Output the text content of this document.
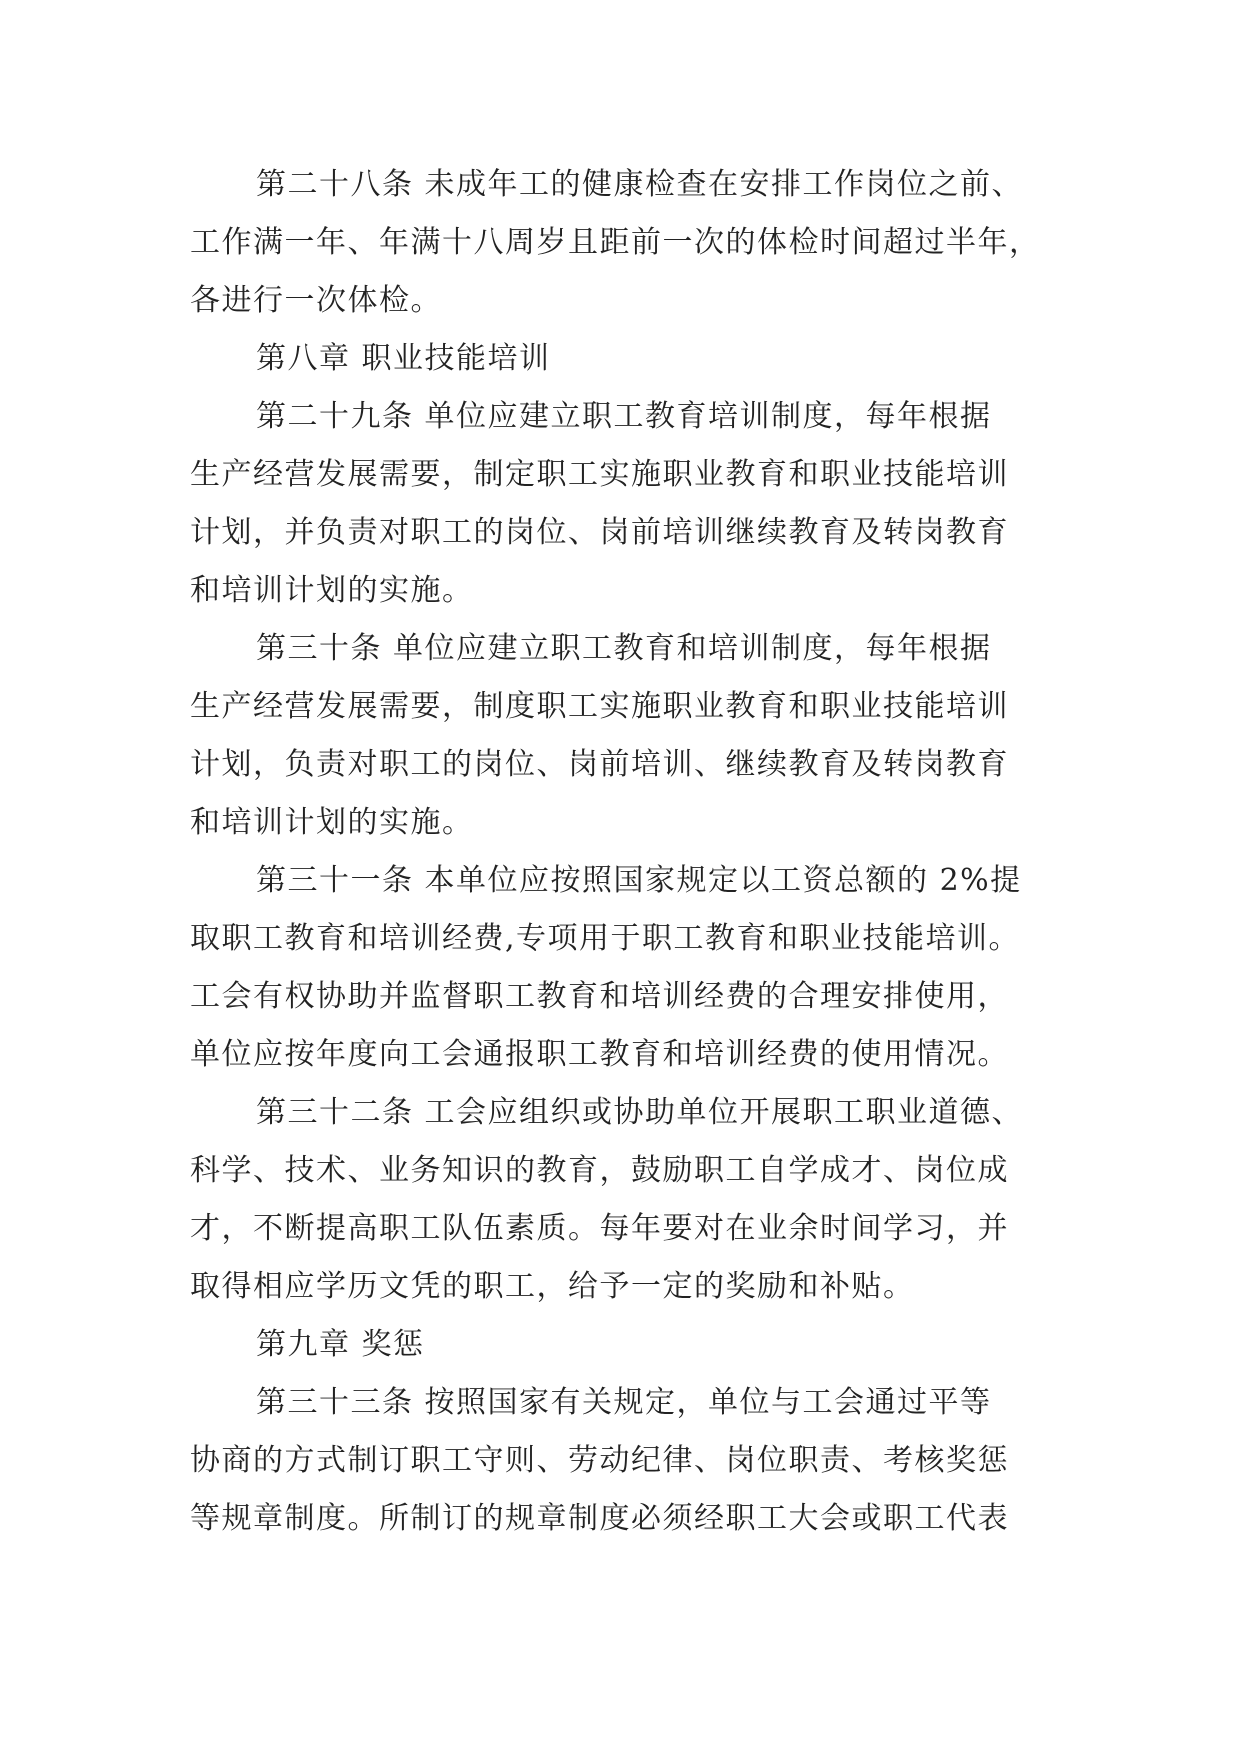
第二十八条 未成年工的健康检查在安排工作岗位之前、
工作满一年、年满十八周岁且距前一次的体检时间超过半年，
各进行一次体检。

第八章 职业技能培训

第二十九条 单位应建立职工教育培训制度，每年根据
生产经营发展需要，制定职工实施职业教育和职业技能培训
计划，并负责对职工的岗位、岗前培训继续教育及转岗教育
和培训计划的实施。

第三十条 单位应建立职工教育和培训制度，每年根据
生产经营发展需要，制度职工实施职业教育和职业技能培训
计划，负责对职工的岗位、岗前培训、继续教育及转岗教育
和培训计划的实施。

第三十一条 本单位应按照国家规定以工资总额的 2%提
取职工教育和培训经费,专项用于职工教育和职业技能培训。
工会有权协助并监督职工教育和培训经费的合理安排使用，
单位应按年度向工会通报职工教育和培训经费的使用情况。

第三十二条 工会应组织或协助单位开展职工职业道德、
科学、技术、业务知识的教育，鼓励职工自学成才、岗位成
才，不断提高职工队伍素质。每年要对在业余时间学习，并
取得相应学历文凭的职工，给予一定的奖励和补贴。

第九章 奖惩

第三十三条 按照国家有关规定，单位与工会通过平等
协商的方式制订职工守则、劳动纪律、岗位职责、考核奖惩
等规章制度。所制订的规章制度必须经职工大会或职工代表
